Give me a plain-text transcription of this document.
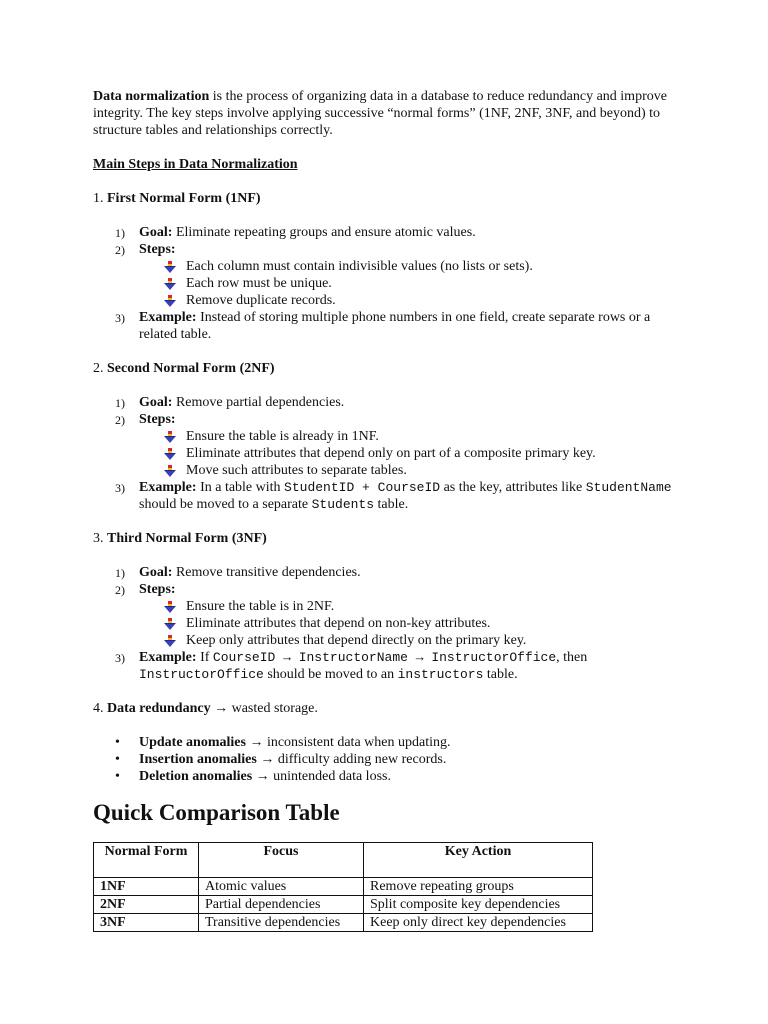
Data normalization is the process of organizing data in a database to reduce redundancy and improve integrity. The key steps involve applying successive “normal forms” (1NF, 2NF, 3NF, and beyond) to structure tables and relationships correctly.

Main Steps in Data Normalization

1. First Normal Form (1NF)

1) Goal: Eliminate repeating groups and ensure atomic values.
2) Steps:
Each column must contain indivisible values (no lists or sets).
Each row must be unique.
Remove duplicate records.
3) Example: Instead of storing multiple phone numbers in one field, create separate rows or a related table.

2. Second Normal Form (2NF)

1) Goal: Remove partial dependencies.
2) Steps:
Ensure the table is already in 1NF.
Eliminate attributes that depend only on part of a composite primary key.
Move such attributes to separate tables.
3) Example: In a table with StudentID + CourseID as the key, attributes like StudentName should be moved to a separate Students table.

3. Third Normal Form (3NF)

1) Goal: Remove transitive dependencies.
2) Steps:
Ensure the table is in 2NF.
Eliminate attributes that depend on non-key attributes.
Keep only attributes that depend directly on the primary key.
3) Example: If CourseID → InstructorName → InstructorOffice, then InstructorOffice should be moved to an instructors table.

4. Data redundancy → wasted storage.

• Update anomalies → inconsistent data when updating.
• Insertion anomalies → difficulty adding new records.
• Deletion anomalies → unintended data loss.
Quick Comparison Table
Normal Form	Focus	Key Action
1NF	Atomic values	Remove repeating groups
2NF	Partial dependencies	Split composite key dependencies
3NF	Transitive dependencies	Keep only direct key dependencies
